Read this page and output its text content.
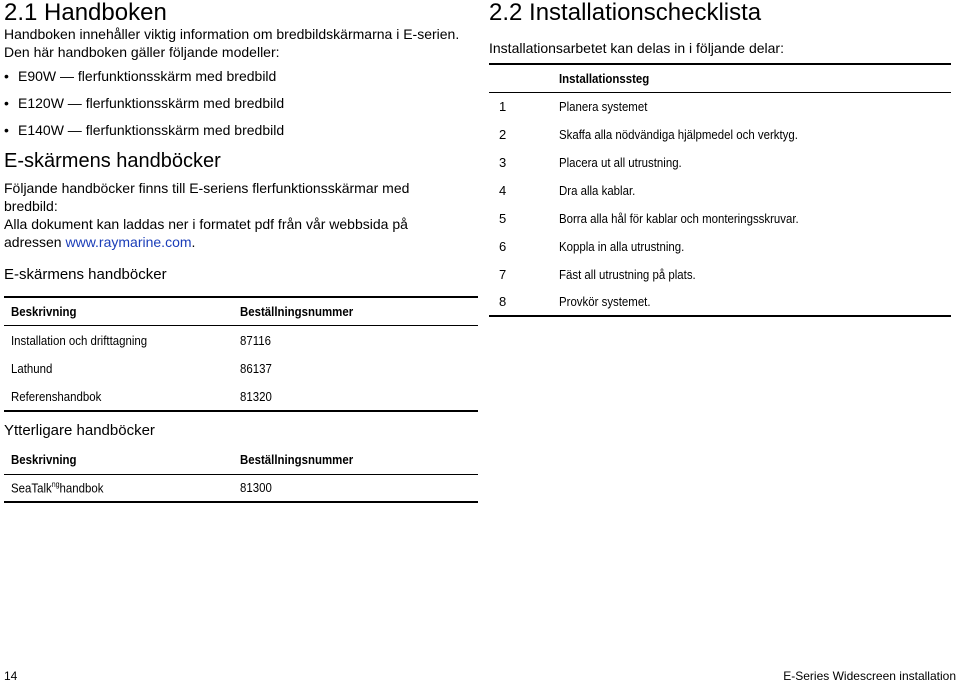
2.1 Handboken

Handboken innehåller viktig information om bredbildskärmarna i E-serien.

Den här handboken gäller följande modeller:

• E90W — flerfunktionsskärm med bredbild
• E120W — flerfunktionsskärm med bredbild
• E140W — flerfunktionsskärm med bredbild
E-skärmens handböcker

Följande handböcker finns till E-seriens flerfunktionsskärmar med bredbild:

Alla dokument kan laddas ner i formatet pdf från vår webbsida på adressen www.raymarine.com.

E-skärmens handböcker
Beskrivning	Beställningsnummer
Installation och drifttagning	87116
Lathund	86137
Referenshandbok	81320
Ytterligare handböcker
Beskrivning	Beställningsnummer
SeaTalk$^{ng}$handbok	81300
2.2 Installationschecklista

Installationsarbetet kan delas in i följande delar:

	Installationssteg
1	Planera systemet
2	Skaffa alla nödvändiga hjälpmedel och verktyg.
3	Placera ut all utrustning.
4	Dra alla kablar.
5	Borra alla hål för kablar och monteringsskruvar.
6	Koppla in alla utrustning.
7	Fäst all utrustning på plats.
8	Provkör systemet.
14	E-Series Widescreen installation
